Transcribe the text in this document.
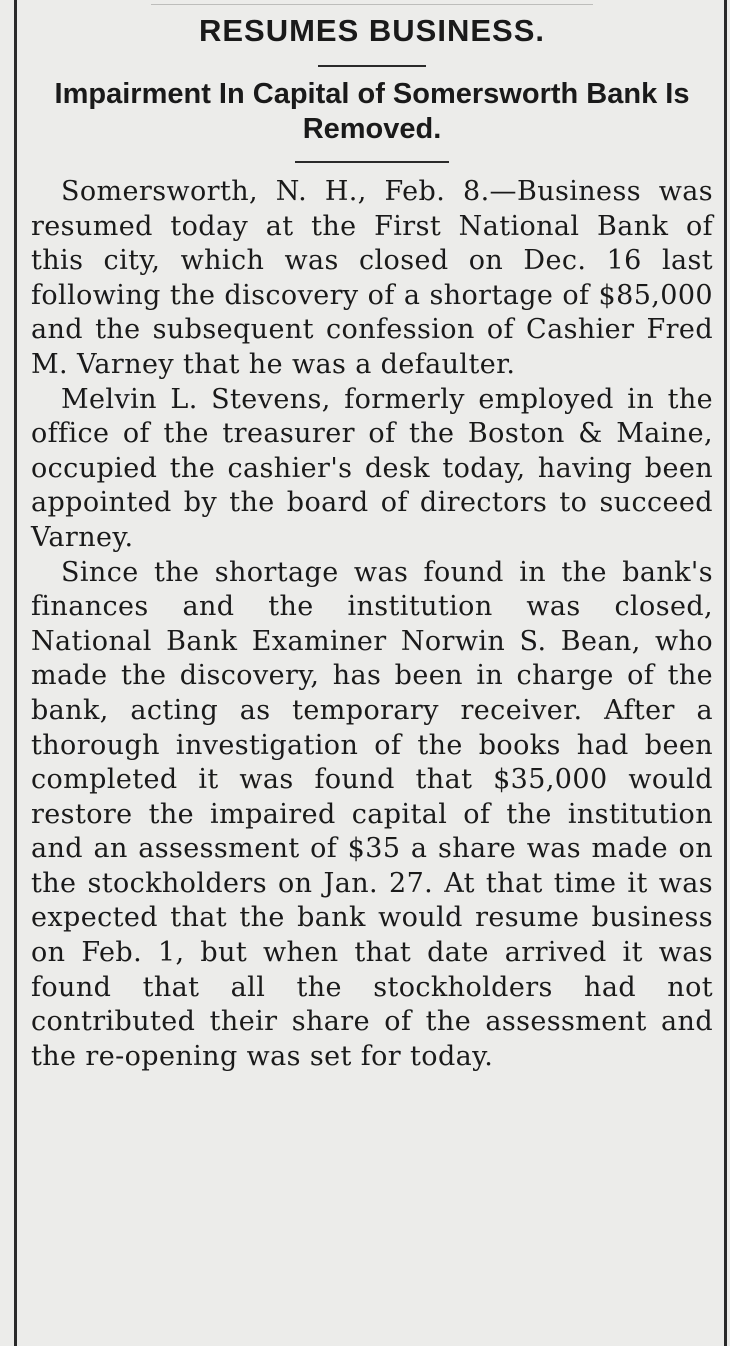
RESUMES BUSINESS.
Impairment In Capital of Somersworth Bank Is Removed.

Somersworth, N. H., Feb. 8.—Business was resumed today at the First National Bank of this city, which was closed on Dec. 16 last following the discovery of a shortage of $85,000 and the subsequent confession of Cashier Fred M. Varney that he was a defaulter.

Melvin L. Stevens, formerly employed in the office of the treasurer of the Boston & Maine, occupied the cashier's desk today, having been appointed by the board of directors to succeed Varney.

Since the shortage was found in the bank's finances and the institution was closed, National Bank Examiner Norwin S. Bean, who made the discovery, has been in charge of the bank, acting as temporary receiver. After a thorough investigation of the books had been completed it was found that $35,000 would restore the impaired capital of the institution and an assessment of $35 a share was made on the stockholders on Jan. 27. At that time it was expected that the bank would resume business on Feb. 1, but when that date arrived it was found that all the stockholders had not contributed their share of the assessment and the re-opening was set for today.
